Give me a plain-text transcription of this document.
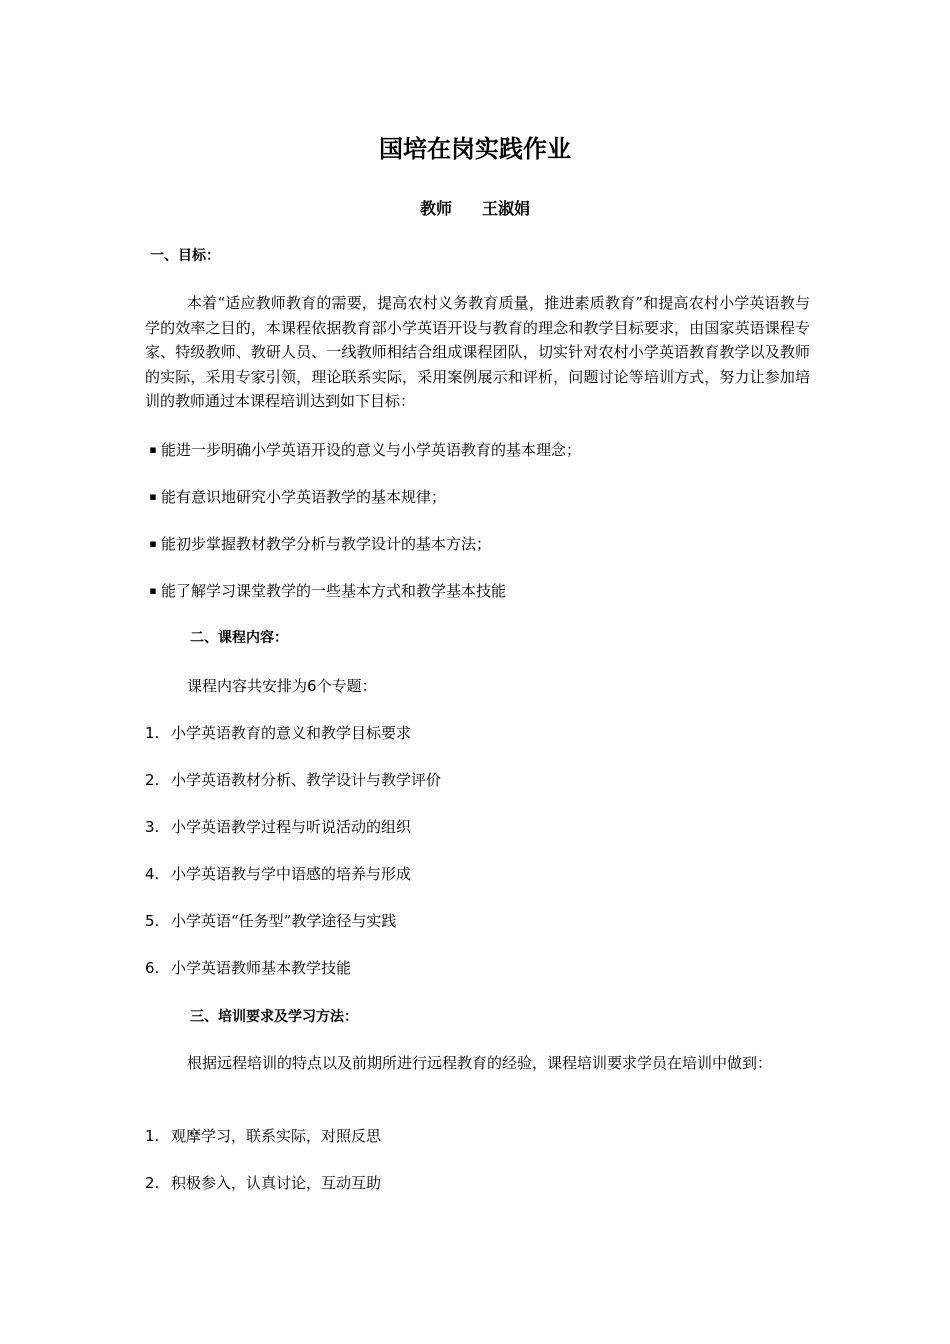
国培在岗实践作业
教师 王淑娟
一、目标：
本着“适应教师教育的需要，提高农村义务教育质量，推进素质教育”和提高农村小学英语教与学的效率之目的，本课程依据教育部小学英语开设与教育的理念和教学目标要求，由国家英语课程专家、特级教师、教研人员、一线教师相结合组成课程团队，切实针对农村小学英语教育教学以及教师的实际，采用专家引领，理论联系实际，采用案例展示和评析，问题讨论等培训方式，努力让参加培训的教师通过本课程培训达到如下目标：
▪ 能进一步明确小学英语开设的意义与小学英语教育的基本理念；
▪ 能有意识地研究小学英语教学的基本规律；
▪ 能初步掌握教材教学分析与教学设计的基本方法；
▪ 能了解学习课堂教学的一些基本方式和教学基本技能
二、课程内容：
课程内容共安排为6个专题：
1. 小学英语教育的意义和教学目标要求
2. 小学英语教材分析、教学设计与教学评价
3. 小学英语教学过程与听说活动的组织
4. 小学英语教与学中语感的培养与形成
5. 小学英语“任务型”教学途径与实践
6. 小学英语教师基本教学技能
三、培训要求及学习方法：
根据远程培训的特点以及前期所进行远程教育的经验，课程培训要求学员在培训中做到：
1. 观摩学习，联系实际，对照反思
2. 积极参入，认真讨论，互动互助
